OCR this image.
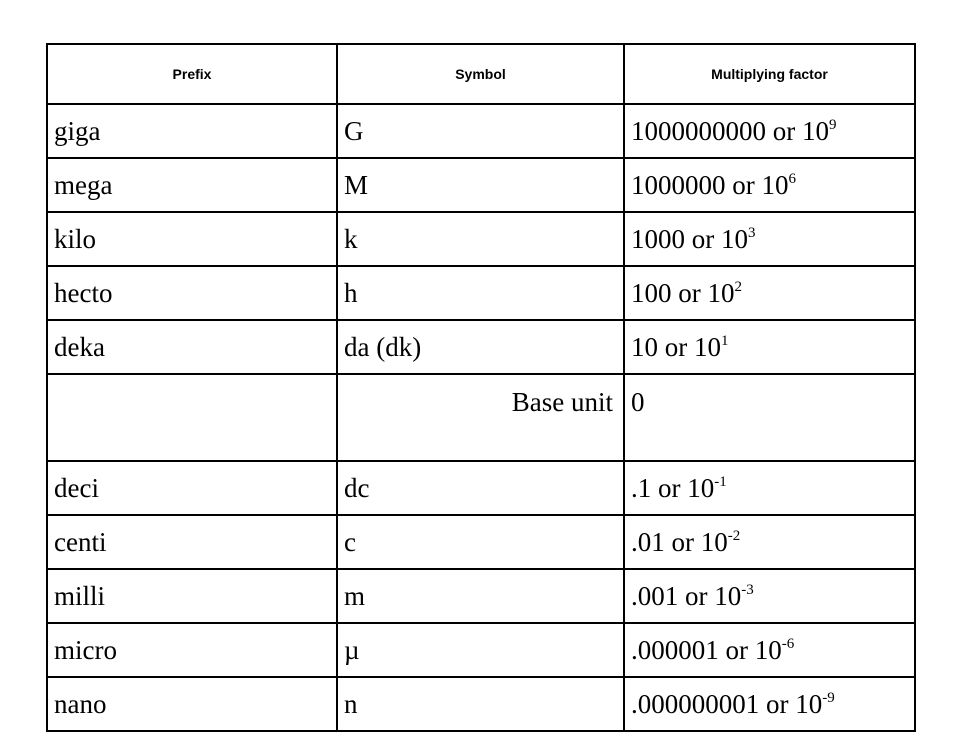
Prefix	Symbol	Multiplying factor
giga	G	1000000000 or $10^9$
mega	M	1000000 or $10^6$
kilo	k	1000 or $10^3$
hecto	h	100 or $10^2$
deka	da (dk)	10 or $10^1$
	Base unit	0
deci	dc	.1 or $10^{-1}$
centi	c	.01 or $10^{-2}$
milli	m	.001 or $10^{-3}$
micro	µ	.000001 or $10^{-6}$
nano	n	.000000001 or $10^{-9}$
